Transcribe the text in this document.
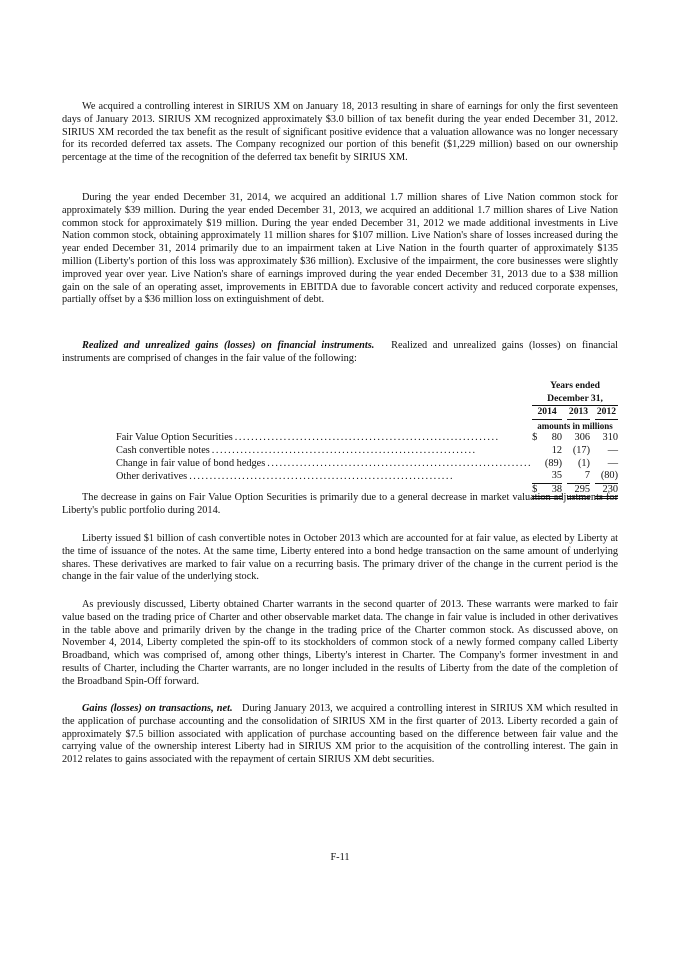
We acquired a controlling interest in SIRIUS XM on January 18, 2013 resulting in share of earnings for only the first seventeen days of January 2013. SIRIUS XM recognized approximately $3.0 billion of tax benefit during the year ended December 31, 2012. SIRIUS XM recorded the tax benefit as the result of significant positive evidence that a valuation allowance was no longer necessary for its recorded deferred tax assets. The Company recognized our portion of this benefit ($1,229 million) based on our ownership percentage at the time of the recognition of the deferred tax benefit by SIRIUS XM.

During the year ended December 31, 2014, we acquired an additional 1.7 million shares of Live Nation common stock for approximately $39 million. During the year ended December 31, 2013, we acquired an additional 1.7 million shares of Live Nation common stock for approximately $19 million. During the year ended December 31, 2012 we made additional investments in Live Nation common stock, obtaining approximately 11 million shares for $107 million. Live Nation's share of losses increased during the year ended December 31, 2014 primarily due to an impairment taken at Live Nation in the fourth quarter of approximately $135 million (Liberty's portion of this loss was approximately $36 million). Exclusive of the impairment, the core businesses were slightly improved year over year. Live Nation's share of earnings improved during the year ended December 31, 2013 due to a $38 million gain on the sale of an operating asset, improvements in EBITDA due to favorable concert activity and reduced corporate expenses, partially offset by a $36 million loss on extinguishment of debt.

Realized and unrealized gains (losses) on financial instruments. Realized and unrealized gains (losses) on financial instruments are comprised of changes in the fair value of the following:

	Years ended December 31,						
	2014			2013		2012	
	amounts in millions						
Fair Value Option Securities .................................................................	$	80		306		310	
Cash convertible notes .................................................................		12		(17)		—	
Change in fair value of bond hedges .................................................................		(89)		(1)		—	
Other derivatives .................................................................		35		7		(80)	
	$	38		295		230	

The decrease in gains on Fair Value Option Securities is primarily due to a general decrease in market valuation adjustments for Liberty's public portfolio during 2014.

Liberty issued $1 billion of cash convertible notes in October 2013 which are accounted for at fair value, as elected by Liberty at the time of issuance of the notes. At the same time, Liberty entered into a bond hedge transaction on the same amount of underlying shares. These derivatives are marked to fair value on a recurring basis. The primary driver of the change in the current period is the change in the fair value of the underlying stock.

As previously discussed, Liberty obtained Charter warrants in the second quarter of 2013. These warrants were marked to fair value based on the trading price of Charter and other observable market data. The change in fair value is included in other derivatives in the table above and primarily driven by the change in the trading price of the Charter common stock. As discussed above, on November 4, 2014, Liberty completed the spin-off to its stockholders of common stock of a newly formed company called Liberty Broadband, which was comprised of, among other things, Liberty's interest in Charter. The Company's former investment in and results of Charter, including the Charter warrants, are no longer included in the results of Liberty from the date of the completion of the Broadband Spin-Off forward.

Gains (losses) on transactions, net. During January 2013, we acquired a controlling interest in SIRIUS XM which resulted in the application of purchase accounting and the consolidation of SIRIUS XM in the first quarter of 2013. Liberty recorded a gain of approximately $7.5 billion associated with application of purchase accounting based on the difference between fair value and the carrying value of the ownership interest Liberty had in SIRIUS XM prior to the acquisition of the controlling interest. The gain in 2012 relates to gains associated with the repayment of certain SIRIUS XM debt securities.

F-11
